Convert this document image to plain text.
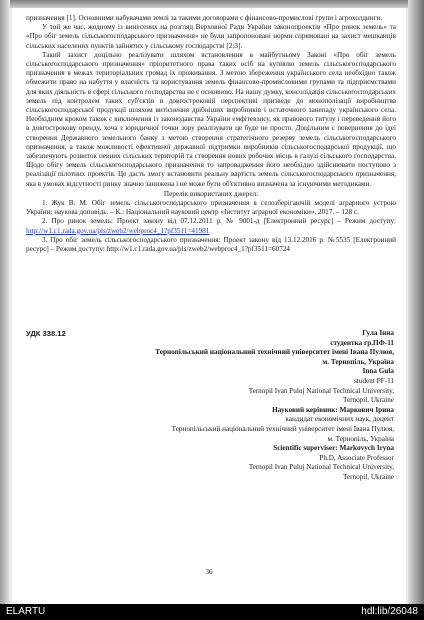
призначення [1]. Основними набувачами землі за такими договорами є фінансово-промислові групи і агрохолдинги.

У той же час, жодному із винесених на розгляд Верховної Ради України законопроектів «Про ринок земель» та «Про обіг земель сільськогосподарського призначення» не були запропоновані норми спрямовані на захист мешканців сільських населених пунктів зайнятих у сільському господарстві [2;3].

Такий захист доцільно реалізувати шляхом встановлення в майбутньому Законі «Про обіг земель сільськогосподарського призначення» пріоритетного права таких осіб на купівлю земель сільськогосподарського призначення в межах територіальних громад їх проживання. З метою збереження українського села необхідно також обмежити право на набуття у власність та користування земель фінансово-промисловими групами та підприємствами для яких діяльність в сфері сільського господарства не є основною. На нашу думку, консолідація сільськогосподарських земель під контролем таких суб'єктів в довгостроковій перспективі призведе до монополізації виробництва сільськогосподарської продукції шляхом витіснення дрібніших виробників і остаточного занепаду українського села. Необхідним кроком також є виключення із законодавства України емфітевзису, як правового титулу і переведення його в довгострокову оренду, хоча з юридичної точки зору реалізувати це буде не просто. Доцільним є повернення до ідеї створення Державного земельного банку з метою створення стратегічного резерву земель сільськогосподарського призначення, а також можливості ефективної державної підтримки виробників сільськогосподарської продукції, що забезпечують розвиток певних сільських територій та створення нових робочих місць в галузі сільського господарства. Щодо обігу земель сільськогосподарського призначення то запровадження його необхідно здійснювати поступово з реалізації пілотних проектів. Це дасть змогу встановити реальну вартість земель сільськогосподарського призначення, яка в умовах відсутності ринку значно занижена і не може бути об'єктивно визначена за існуючими методиками.

Перелік використаних джерел:

1. Жук В. М. Обіг земель сільськогосподарського призначення в селозберігаючій моделі аграрного устрою України: наукова доповідь. – К.: Національний науковий центр «Інститут аграрної економіки», 2017. – 128 с.

2. Про ринок земель: Проект закону від 07.12.2011 р. № 9001-д [Електронний ресурс] – Режим доступу: http://w1.c1.rada.gov.ua/pls/zweb2/webproc4_1?pf3511=41981

3. Про обіг земель сільськогосподарського призначення: Проект закону від 13.12.2016 р. №5535 [Електронний ресурс] – Режим доступу: http://w1.c1.rada.gov.ua/pls/zweb2/webproc4_1?pf3511=60724

УДК 338.12	Гула Інна
студентка гр.ПФ-11
Тернопільський національний технічний університет імені Івана Пулюя,
м. Тернопіль, Україна
Inna Gula
student PF-11
Ternopil Ivan Puluj National Technical University,
Ternopil, Ukraine
Науковий керівник: Маркович Ірина
кандидат економічних наук, доцент
Тернопільський національний технічний університет імені Івана Пулюя,
м. Тернопіль, Україна
Scientific superviser: Markovych Iryna
Ph.D, Associate Professor
Ternopil Ivan Puluj National Technical University,
Ternopil, Ukraine
36
ELARTU	hdl:lib/26048
